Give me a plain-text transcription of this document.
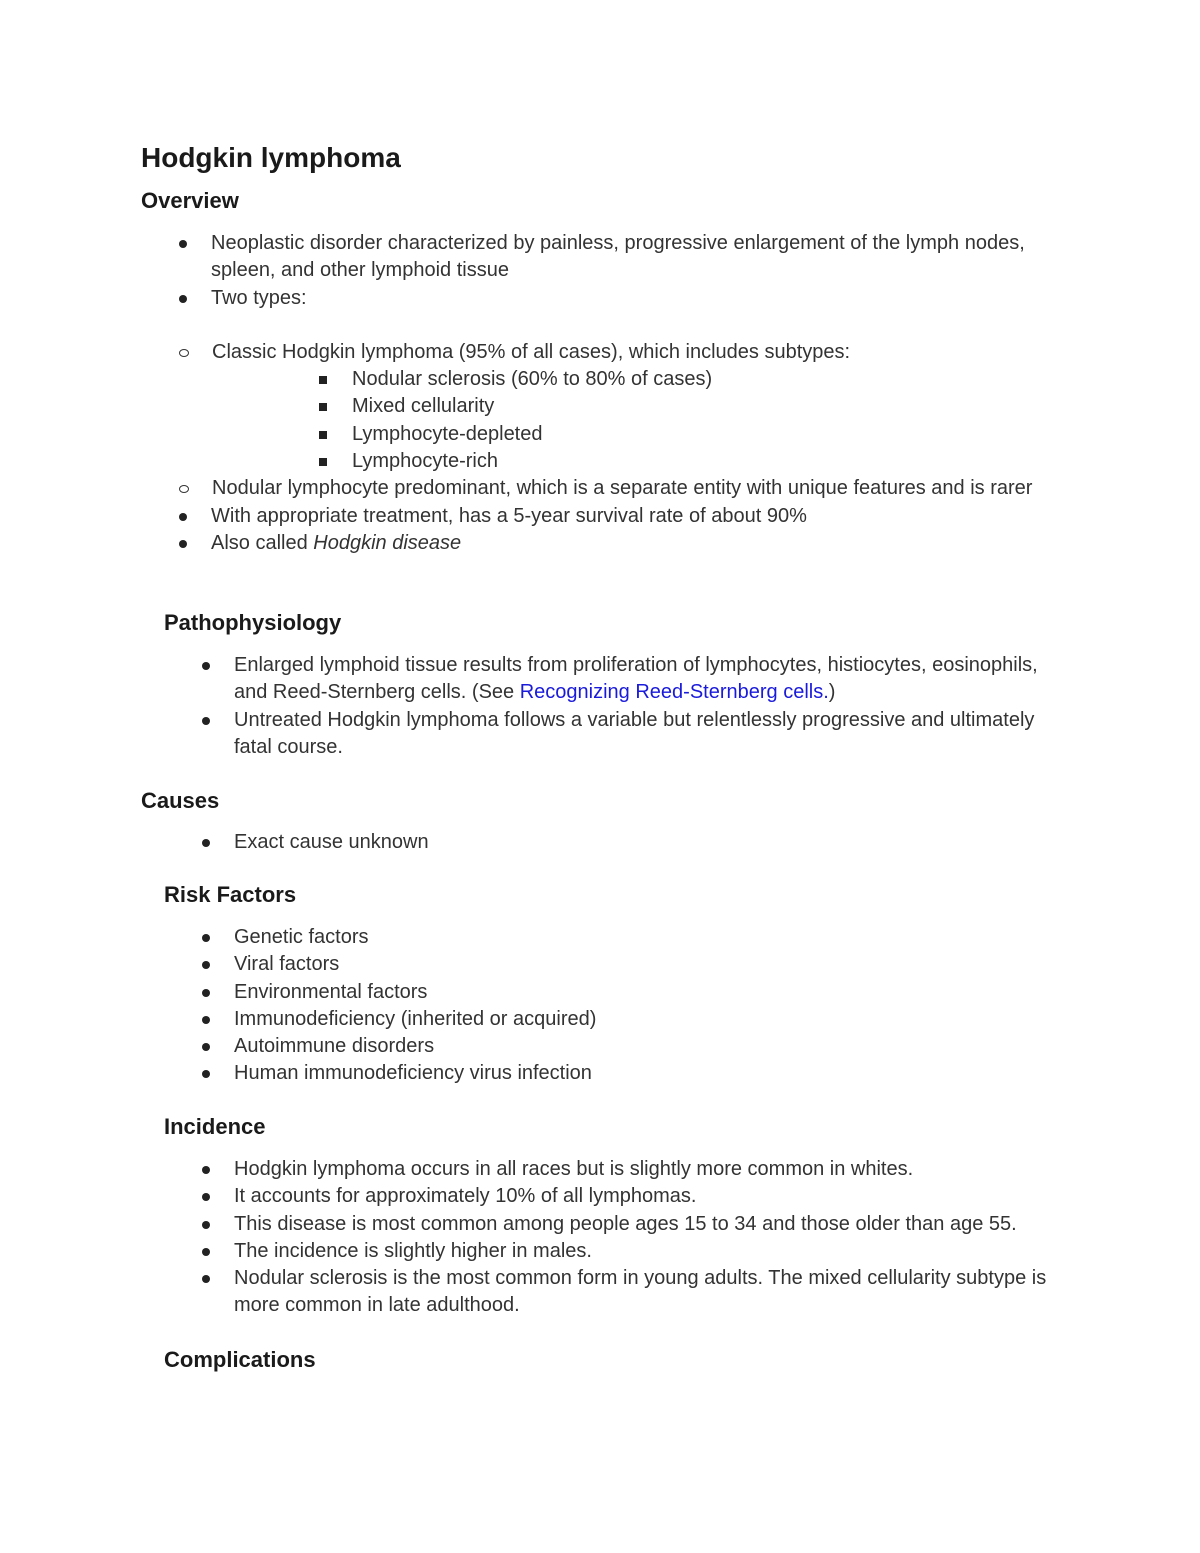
Hodgkin lymphoma
Overview
Neoplastic disorder characterized by painless, progressive enlargement of the lymph nodes, spleen, and other lymphoid tissue
Two types:
Classic Hodgkin lymphoma (95% of all cases), which includes subtypes:
Nodular sclerosis (60% to 80% of cases)
Mixed cellularity
Lymphocyte-depleted
Lymphocyte-rich
Nodular lymphocyte predominant, which is a separate entity with unique features and is rarer
With appropriate treatment, has a 5-year survival rate of about 90%
Also called Hodgkin disease
Pathophysiology
Enlarged lymphoid tissue results from proliferation of lymphocytes, histiocytes, eosinophils, and Reed-Sternberg cells. (See Recognizing Reed-Sternberg cells.)
Untreated Hodgkin lymphoma follows a variable but relentlessly progressive and ultimately fatal course.
Causes
Exact cause unknown
Risk Factors
Genetic factors
Viral factors
Environmental factors
Immunodeficiency (inherited or acquired)
Autoimmune disorders
Human immunodeficiency virus infection
Incidence
Hodgkin lymphoma occurs in all races but is slightly more common in whites.
It accounts for approximately 10% of all lymphomas.
This disease is most common among people ages 15 to 34 and those older than age 55.
The incidence is slightly higher in males.
Nodular sclerosis is the most common form in young adults. The mixed cellularity subtype is more common in late adulthood.
Complications
